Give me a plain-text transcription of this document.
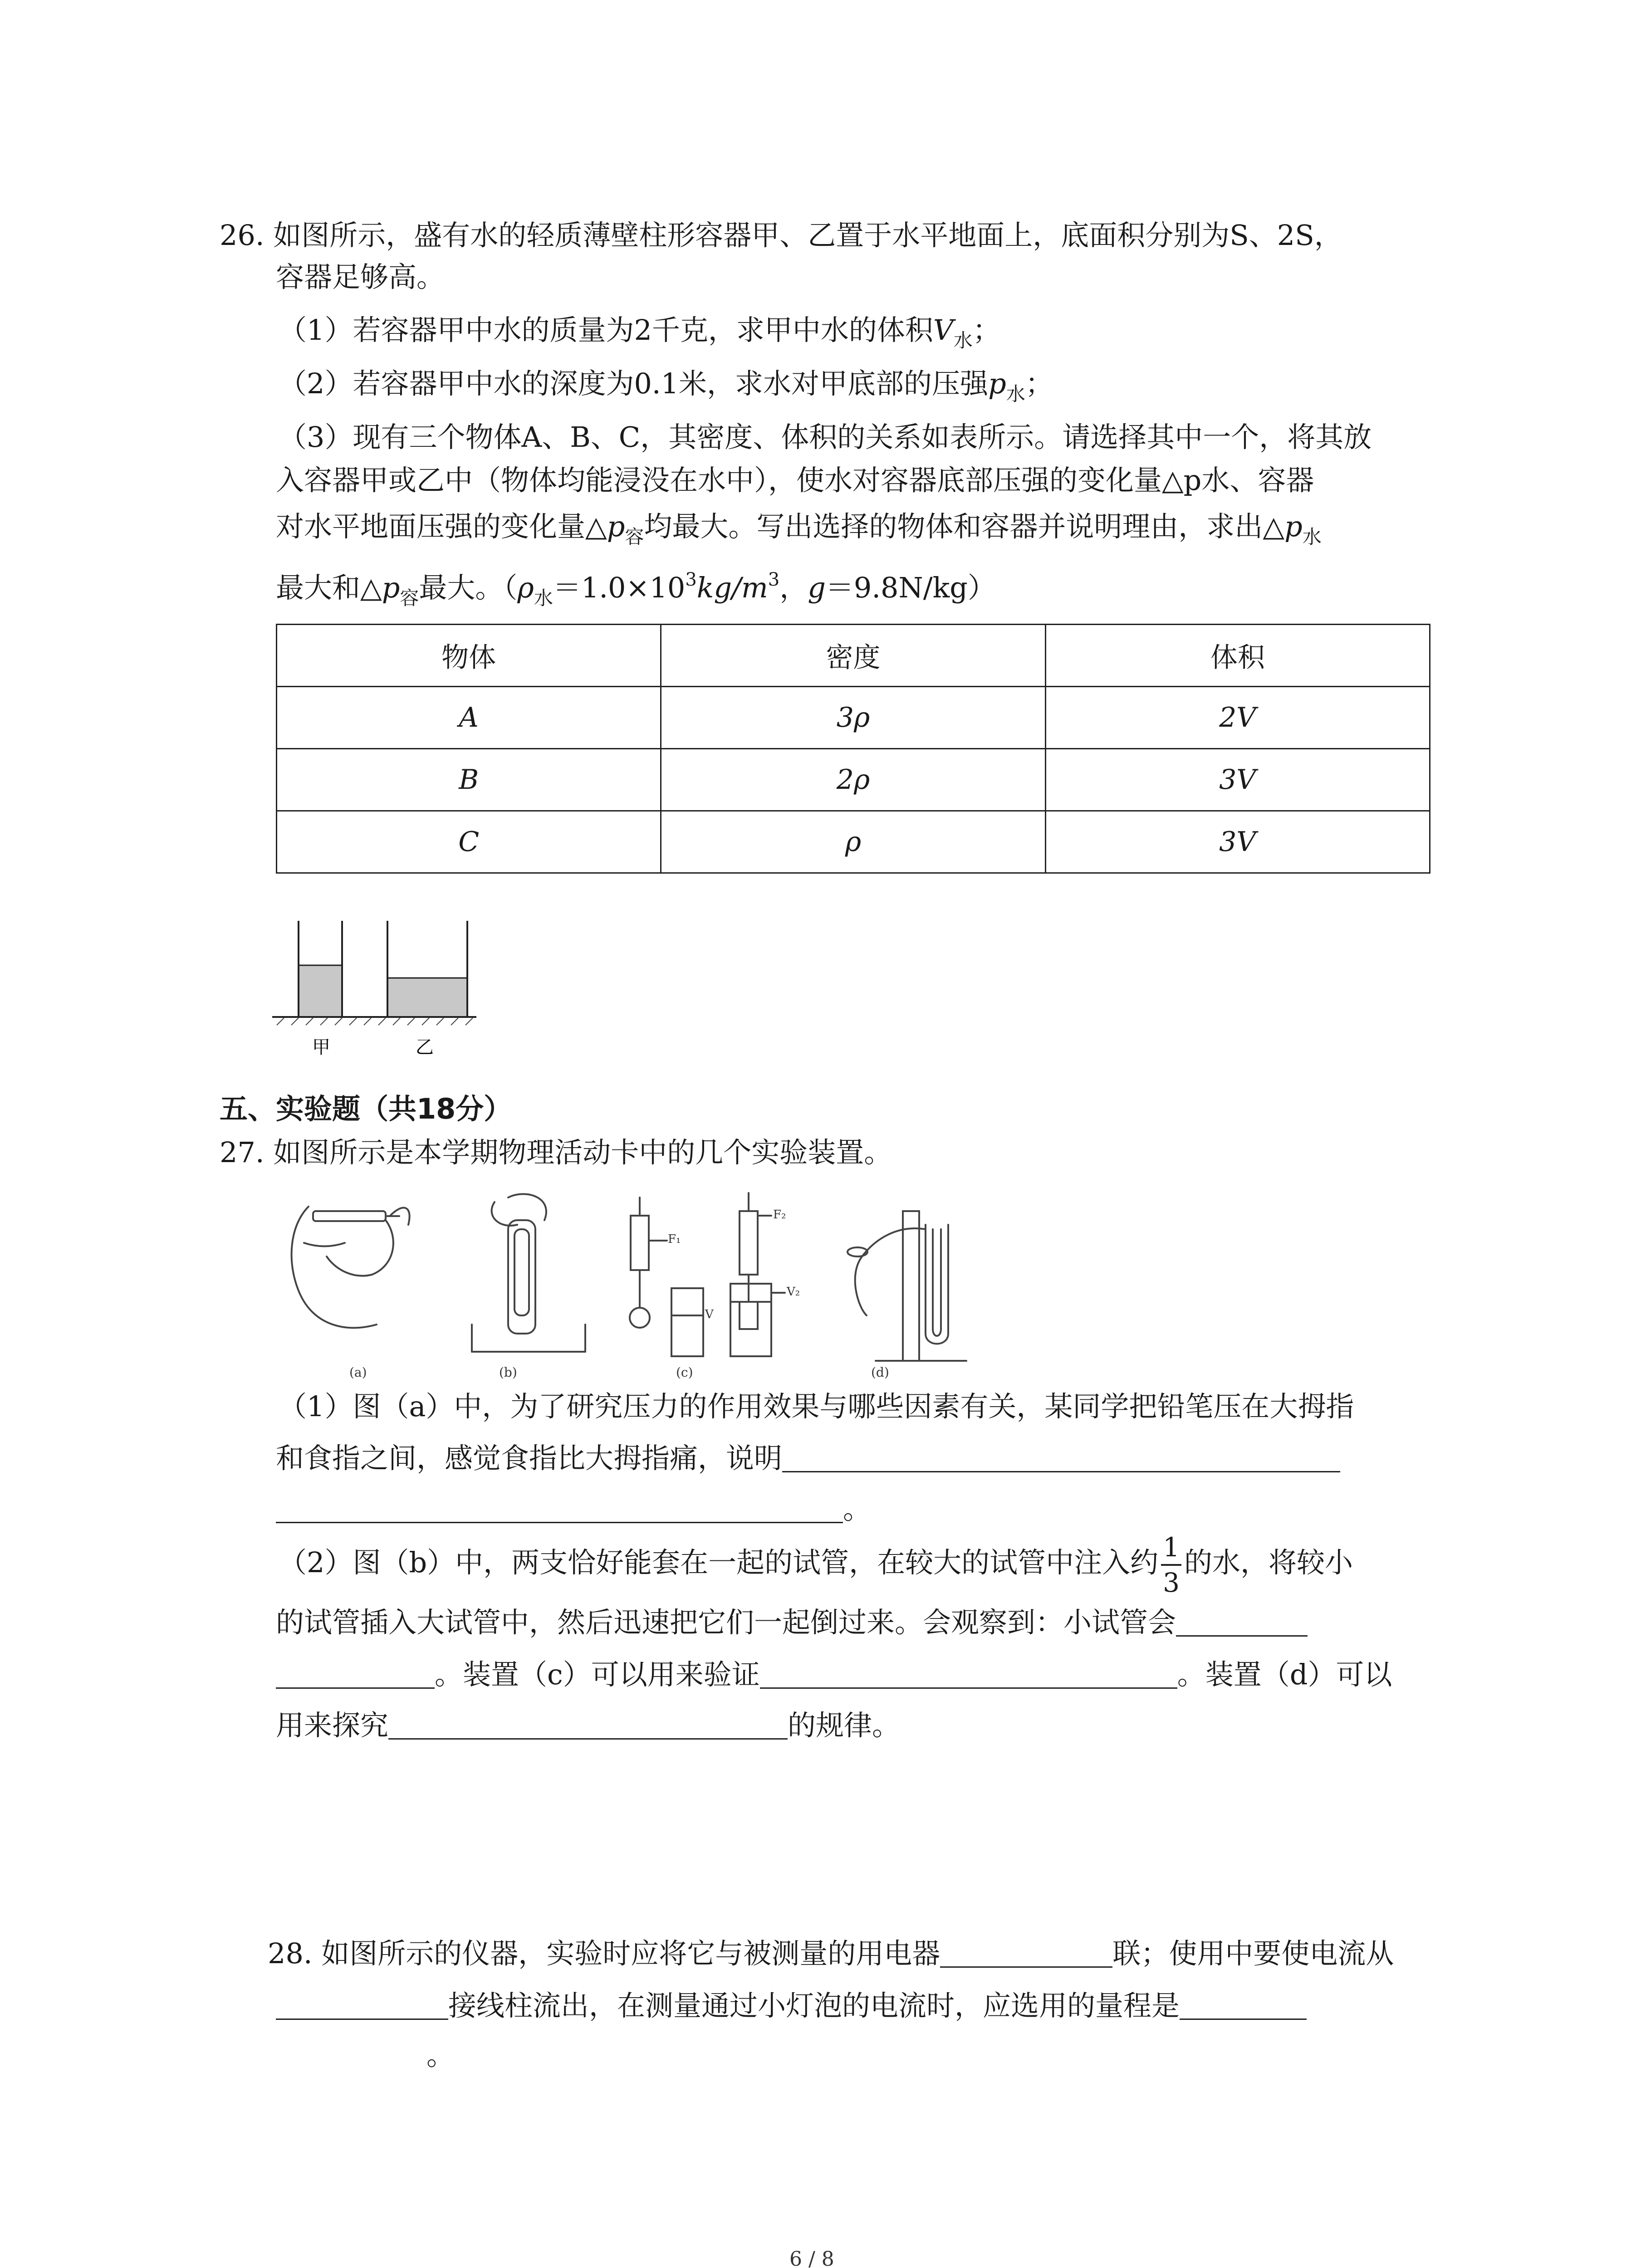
26. 如图所示，盛有水的轻质薄壁柱形容器甲、乙置于水平地面上，底面积分别为S、2S，
容器足够高。
（1）若容器甲中水的质量为2千克，求甲中水的体积$V_水$；
（2）若容器甲中水的深度为0.1米，求水对甲底部的压强$p_水$；
（3）现有三个物体A、B、C，其密度、体积的关系如表所示。请选择其中一个，将其放
入容器甲或乙中（物体均能浸没在水中），使水对容器底部压强的变化量△p水、容器
对水平地面压强的变化量$\triangle p_容$均最大。写出选择的物体和容器并说明理由，求出$\triangle p_水$
最大和$\triangle p_容$最大。（$\rho_水=1.0\times 10^3kg/m^3$，g＝9.8N/kg）
物体	密度	体积
A	3ρ	2V
B	2ρ	3V
C	ρ	3V
甲	乙
五、实验题（共18分）
27. 如图所示是本学期物理活动卡中的几个实验装置。
F₁
F₂
V
V₂
(a)	(b)	(c)	(d)
（1）图（a）中，为了研究压力的作用效果与哪些因素有关，某同学把铅笔压在大拇指
和食指之间，感觉食指比大拇指痛，说明
。
（2）图（b）中，两支恰好能套在一起的试管，在较大的试管中注入约 $\frac{1}{3}$ 的水，将较小
的试管插入大试管中，然后迅速把它们一起倒过来。会观察到：小试管会
。装置（c）可以用来验证	。装置（d）可以
用来探究	的规律。
28. 如图所示的仪器，实验时应将它与被测量的用电器	联；使用中要使电流从
接线柱流出，在测量通过小灯泡的电流时，应选用的量程是
。
6 / 8
